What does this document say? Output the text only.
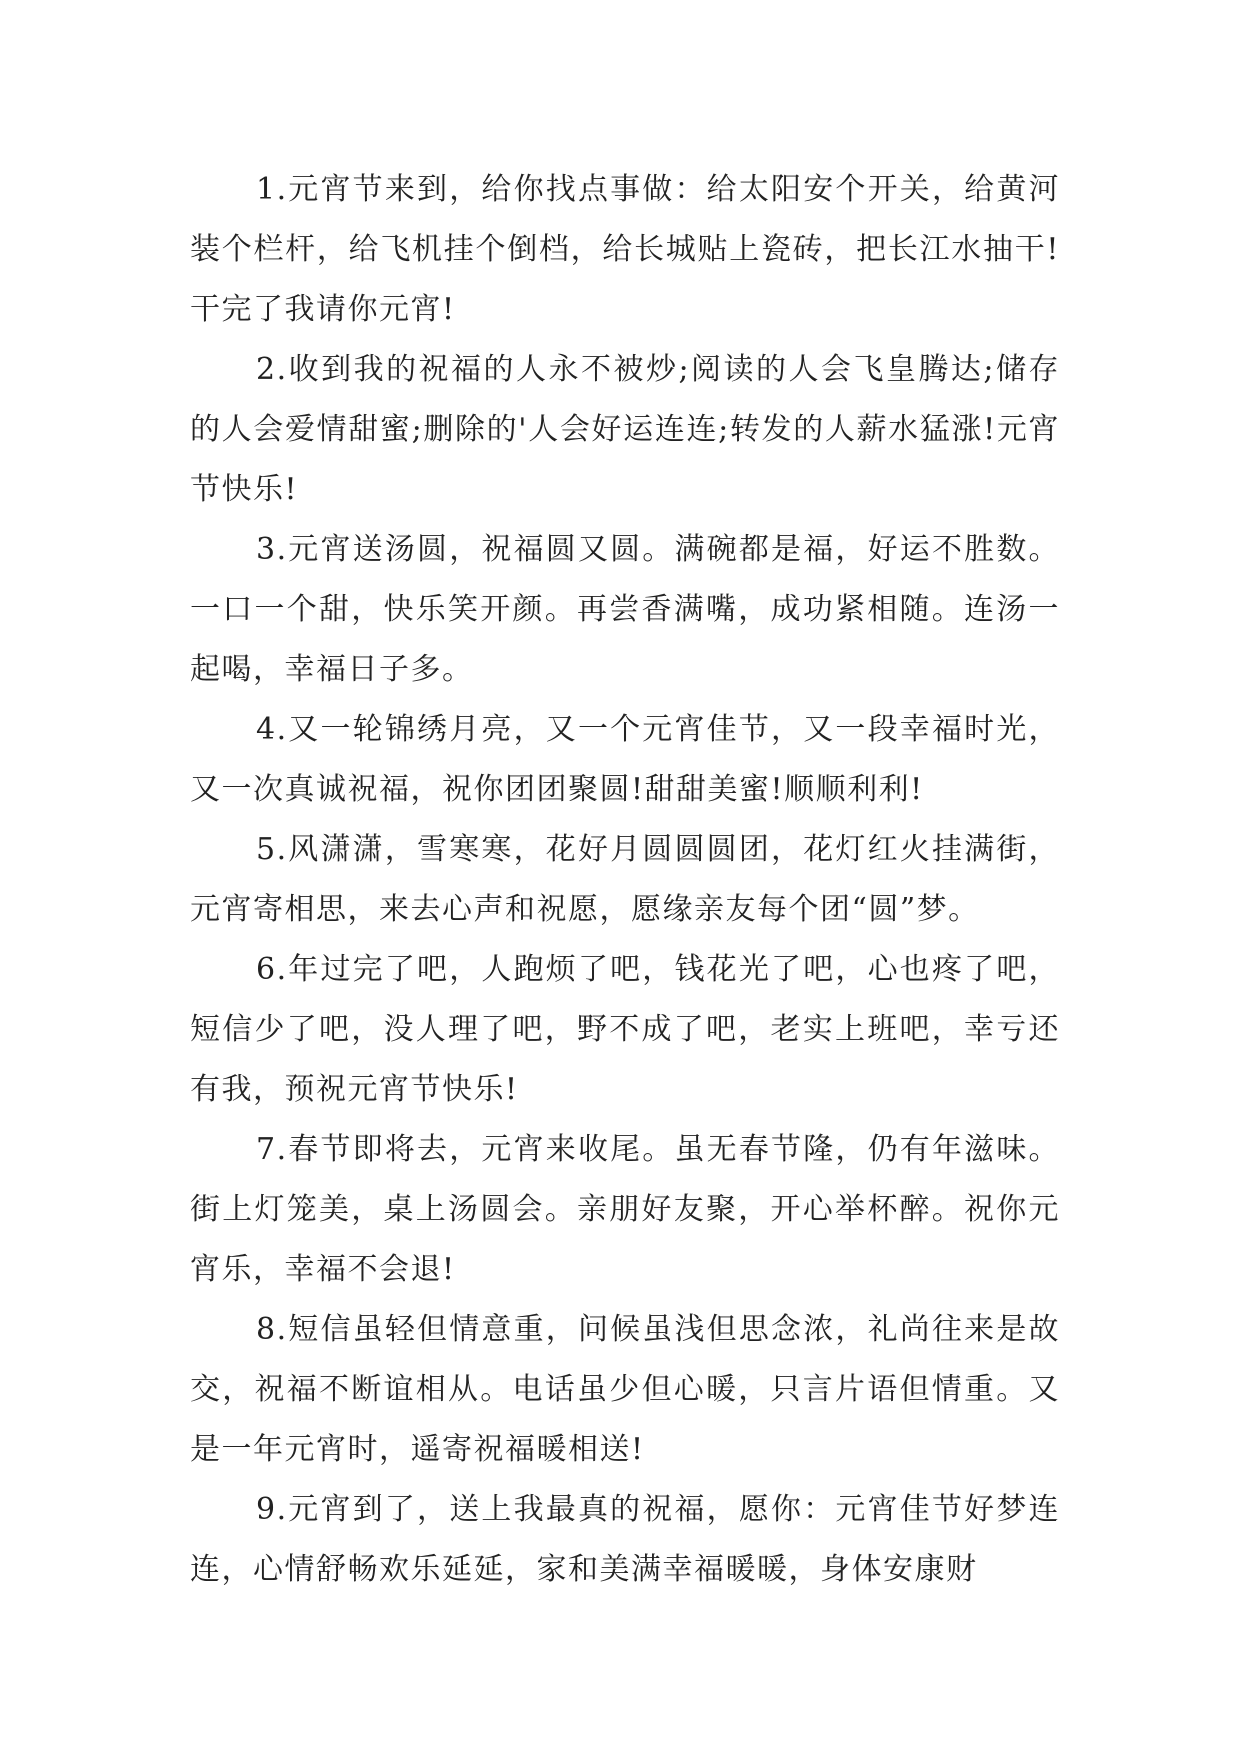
1.元宵节来到，给你找点事做：给太阳安个开关，给黄河装个栏杆，给飞机挂个倒档，给长城贴上瓷砖，把长江水抽干!干完了我请你元宵!

2.收到我的祝福的人永不被炒;阅读的人会飞皇腾达;储存的人会爱情甜蜜;删除的'人会好运连连;转发的人薪水猛涨!元宵节快乐!

3.元宵送汤圆，祝福圆又圆。满碗都是福，好运不胜数。一口一个甜，快乐笑开颜。再尝香满嘴，成功紧相随。连汤一起喝，幸福日子多。

4.又一轮锦绣月亮，又一个元宵佳节，又一段幸福时光，又一次真诚祝福，祝你团团聚圆!甜甜美蜜!顺顺利利!

5.风潇潇，雪寒寒，花好月圆圆圆团，花灯红火挂满街，元宵寄相思，来去心声和祝愿，愿缘亲友每个团“圆”梦。

6.年过完了吧，人跑烦了吧，钱花光了吧，心也疼了吧，短信少了吧，没人理了吧，野不成了吧，老实上班吧，幸亏还有我，预祝元宵节快乐!

7.春节即将去，元宵来收尾。虽无春节隆，仍有年滋味。街上灯笼美，桌上汤圆会。亲朋好友聚，开心举杯醉。祝你元宵乐，幸福不会退!

8.短信虽轻但情意重，问候虽浅但思念浓，礼尚往来是故交，祝福不断谊相从。电话虽少但心暖，只言片语但情重。又是一年元宵时，遥寄祝福暖相送!

9.元宵到了，送上我最真的祝福，愿你：元宵佳节好梦连连，心情舒畅欢乐延延，家和美满幸福暖暖，身体安康财
